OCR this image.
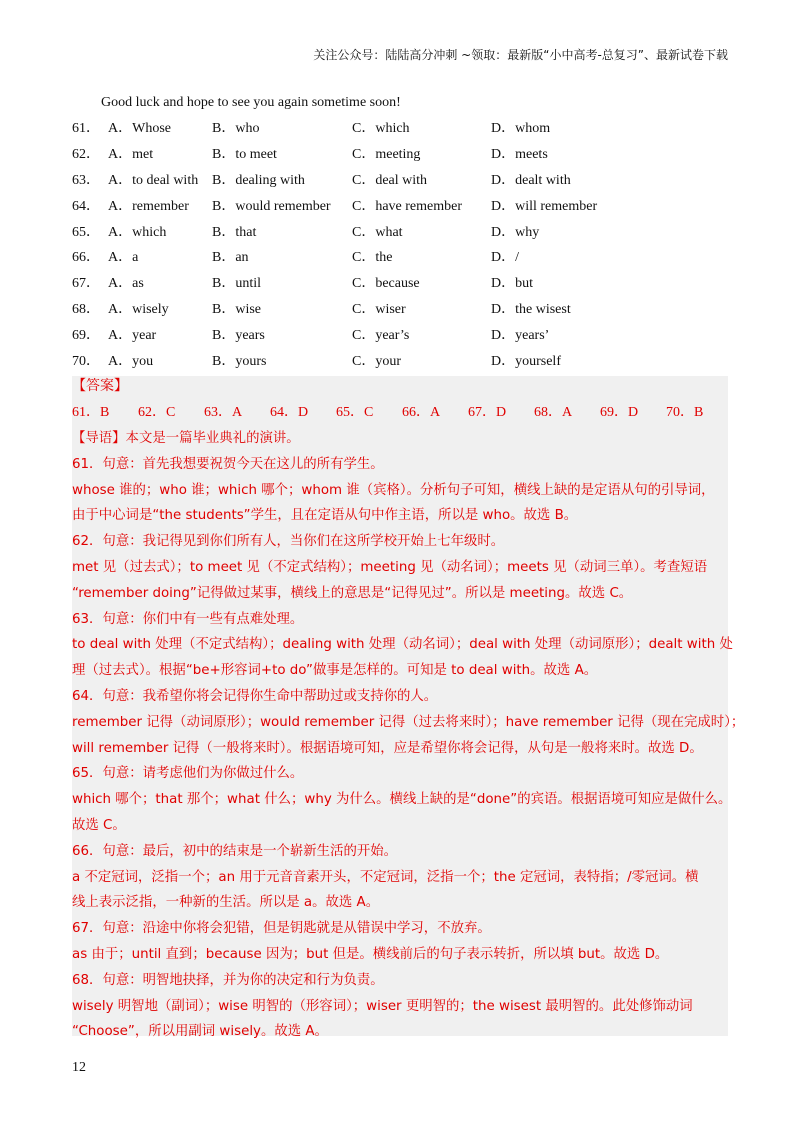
关注公众号：陆陆高分冲刺 ~领取：最新版“小中高考-总复习”、最新试卷下载
Good luck and hope to see you again sometime soon!
61． A．Whose	B．who	C．which	D．whom
62． A．met	B．to meet	C．meeting	D．meets
63． A．to deal with B．dealing with	C．deal with	D．dealt with
64． A．remember B．would remember C．have remember D．will remember
65． A．which	B．that	C．what	D．why
66． A．a	B．an	C．the	D．/
67． A．as	B．until	C．because	D．but
68． A．wisely	B．wise	C．wiser	D．the wisest
69． A．year	B．years	C．year’s	D．years’
70． A．you	B．yours	C．your	D．yourself
【答案】
61．B 62．C 63．A 64．D 65．C 66．A 67．D 68．A 69．D 70．B
【导语】本文是一篇毕业典礼的演讲。
61．句意：首先我想要祝贺今天在这儿的所有学生。
whose 谁的；who 谁；which 哪个；whom 谁（宾格）。分析句子可知，横线上缺的是定语从句的引导词，
由于中心词是“the students”学生，且在定语从句中作主语，所以是 who。故选 B。
62．句意：我记得见到你们所有人，当你们在这所学校开始上七年级时。
met 见（过去式）；to meet 见（不定式结构）；meeting 见（动名词）；meets 见（动词三单）。考查短语
“remember doing”记得做过某事，横线上的意思是“记得见过”。所以是 meeting。故选 C。
63．句意：你们中有一些有点难处理。
to deal with 处理（不定式结构）；dealing with 处理（动名词）；deal with 处理（动词原形）；dealt with 处
理（过去式）。根据“be+形容词+to do”做事是怎样的。可知是 to deal with。故选 A。
64．句意：我希望你将会记得你生命中帮助过或支持你的人。
remember 记得（动词原形）；would remember 记得（过去将来时）；have remember 记得（现在完成时）；
will remember 记得（一般将来时）。根据语境可知，应是希望你将会记得，从句是一般将来时。故选 D。
65．句意：请考虑他们为你做过什么。
which 哪个；that 那个；what 什么；why 为什么。横线上缺的是“done”的宾语。根据语境可知应是做什么。
故选 C。
66．句意：最后，初中的结束是一个崭新生活的开始。
a 不定冠词，泛指一个；an 用于元音音素开头，不定冠词，泛指一个；the 定冠词，表特指；/零冠词。横
线上表示泛指，一种新的生活。所以是 a。故选 A。
67．句意：沿途中你将会犯错，但是钥匙就是从错误中学习，不放弃。
as 由于；until 直到；because 因为；but 但是。横线前后的句子表示转折，所以填 but。故选 D。
68．句意：明智地抉择，并为你的决定和行为负责。
wisely 明智地（副词）；wise 明智的（形容词）；wiser 更明智的；the wisest 最明智的。此处修饰动词
“Choose”，所以用副词 wisely。故选 A。
12
